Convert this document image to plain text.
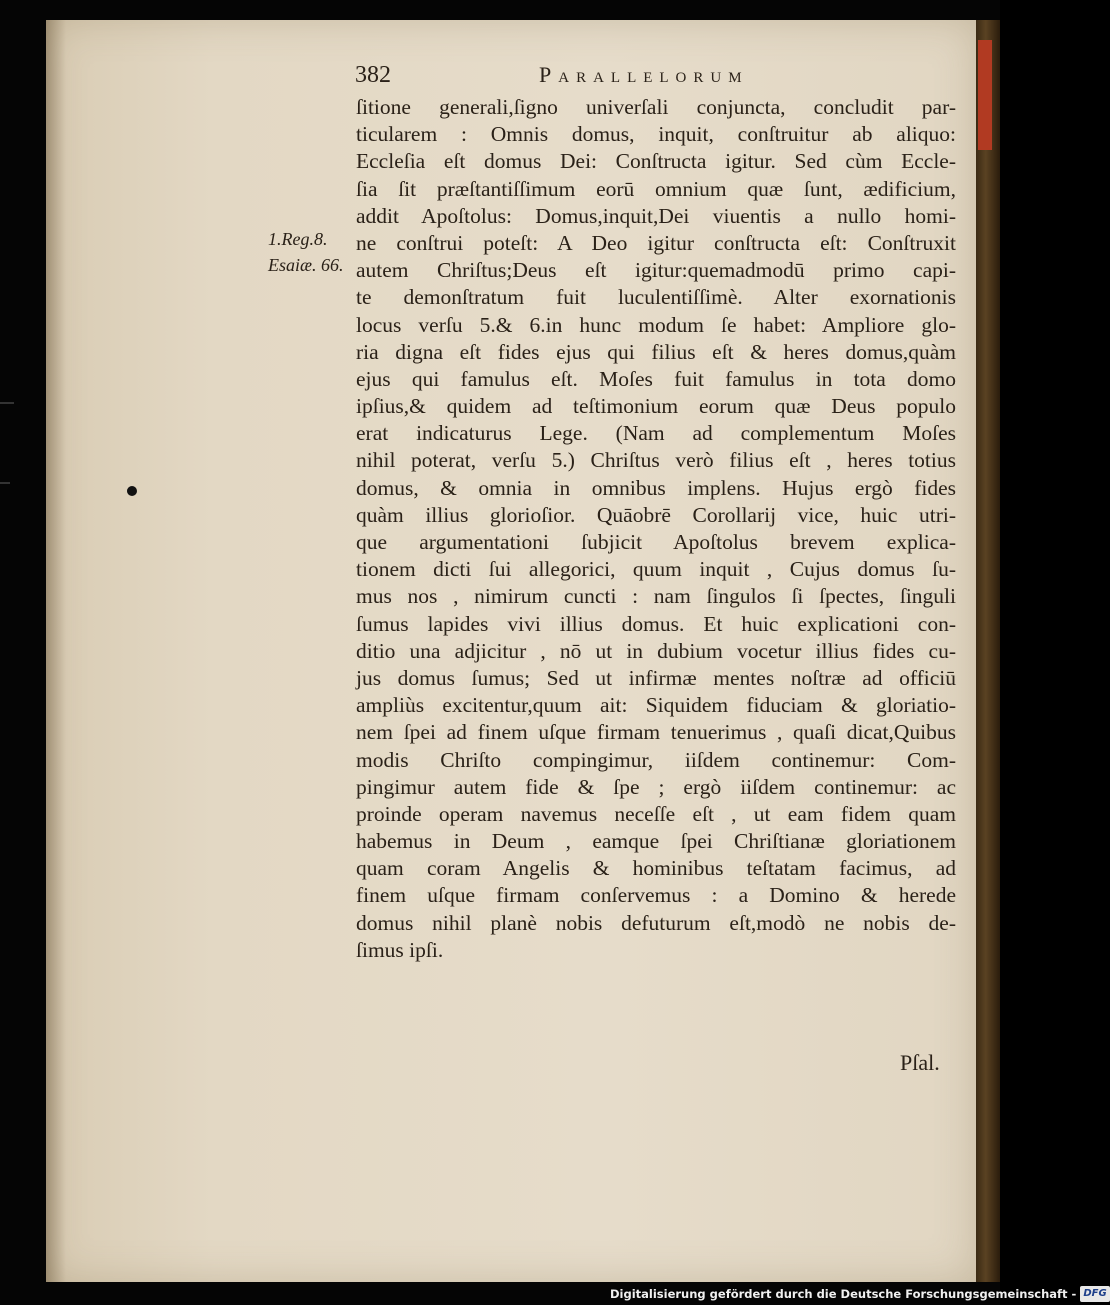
382	Parallelorum
1.Reg.8.
Esaiæ. 66.
ſitione generali,ſigno univerſali conjuncta, concludit par-
ticularem : Omnis domus, inquit, conſtruitur ab aliquo:
Eccleſia eſt domus Dei: Conſtructa igitur. Sed cùm Eccle-
ſia ſit præſtantiſſimum eorū omnium quæ ſunt, ædificium,
addit Apoſtolus: Domus,inquit,Dei viuentis a nullo homi-
ne conſtrui poteſt: A Deo igitur conſtructa eſt: Conſtruxit
autem Chriſtus;Deus eſt igitur:quemadmodū primo capi-
te demonſtratum fuit luculentiſſimè. Alter exornationis
locus verſu 5.& 6.in hunc modum ſe habet: Ampliore glo-
ria digna eſt fides ejus qui filius eſt & heres domus,quàm
ejus qui famulus eſt. Moſes fuit famulus in tota domo
ipſius,& quidem ad teſtimonium eorum quæ Deus populo
erat indicaturus Lege. (Nam ad complementum Moſes
nihil poterat, verſu 5.) Chriſtus verò filius eſt , heres totius
domus, & omnia in omnibus implens. Hujus ergò fides
quàm illius glorioſior. Quāobrē Corollarij vice, huic utri-
que argumentationi ſubjicit Apoſtolus brevem explica-
tionem dicti ſui allegorici, quum inquit , Cujus domus ſu-
mus nos , nimirum cuncti : nam ſingulos ſi ſpectes, ſinguli
ſumus lapides vivi illius domus. Et huic explicationi con-
ditio una adjicitur , nō ut in dubium vocetur illius fides cu-
jus domus ſumus; Sed ut infirmæ mentes noſtræ ad officiū
ampliùs excitentur,quum ait: Siquidem fiduciam & gloriatio-
nem ſpei ad finem uſque firmam tenuerimus , quaſi dicat,Quibus
modis Chriſto compingimur, iiſdem continemur: Com-
pingimur autem fide & ſpe ; ergò iiſdem continemur: ac
proinde operam navemus neceſſe eſt , ut eam fidem quam
habemus in Deum , eamque ſpei Chriſtianæ gloriationem
quam coram Angelis & hominibus teſtatam facimus, ad
finem uſque firmam conſervemus : a Domino & herede
domus nihil planè nobis defuturum eſt,modò ne nobis de-
ſimus ipſi.
Pſal.
Digitalisierung gefördert durch die Deutsche Forschungsgemeinschaft - DFG
